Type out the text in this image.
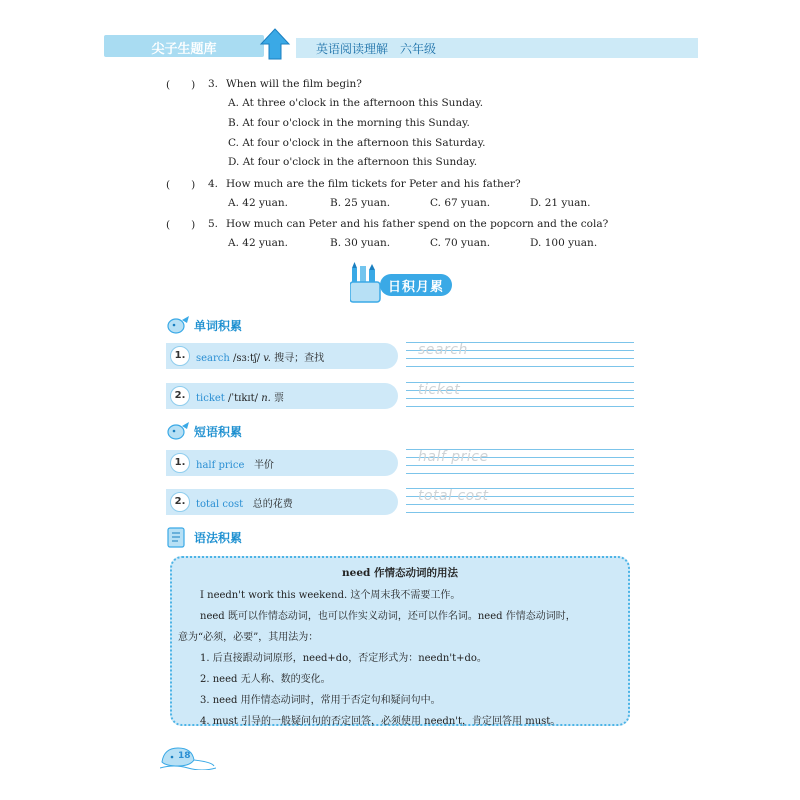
尖子生题库	英语阅读理解　六年级
(　　) 3. When will the film begin?
A. At three o'clock in the afternoon this Sunday.
B. At four o'clock in the morning this Sunday.
C. At four o'clock in the afternoon this Saturday.
D. At four o'clock in the afternoon this Sunday.
(　　) 4. How much are the film tickets for Peter and his father?
A. 42 yuan.	B. 25 yuan.	C. 67 yuan.	D. 21 yuan.
(　　) 5. How much can Peter and his father spend on the popcorn and the cola?
A. 42 yuan.	B. 30 yuan.	C. 70 yuan.	D. 100 yuan.
日积月累
单词积累
1.	search /sɜːtʃ/ v. 搜寻；查找
search
2.	ticket /ˈtɪkɪt/ n. 票
ticket
短语积累
1.	half price 半价
half price
2.	total cost 总的花费
total cost
语法积累
need 作情态动词的用法
I needn't work this weekend. 这个周末我不需要工作。
need 既可以作情态动词，也可以作实义动词，还可以作名词。need 作情态动词时，
意为“必须，必要”，其用法为：
1. 后直接跟动词原形，need+do，否定形式为：needn't+do。
2. need 无人称、数的变化。
3. need 用作情态动词时，常用于否定句和疑问句中。
4. must 引导的一般疑问句的否定回答，必须使用 needn't，肯定回答用 must。
18
